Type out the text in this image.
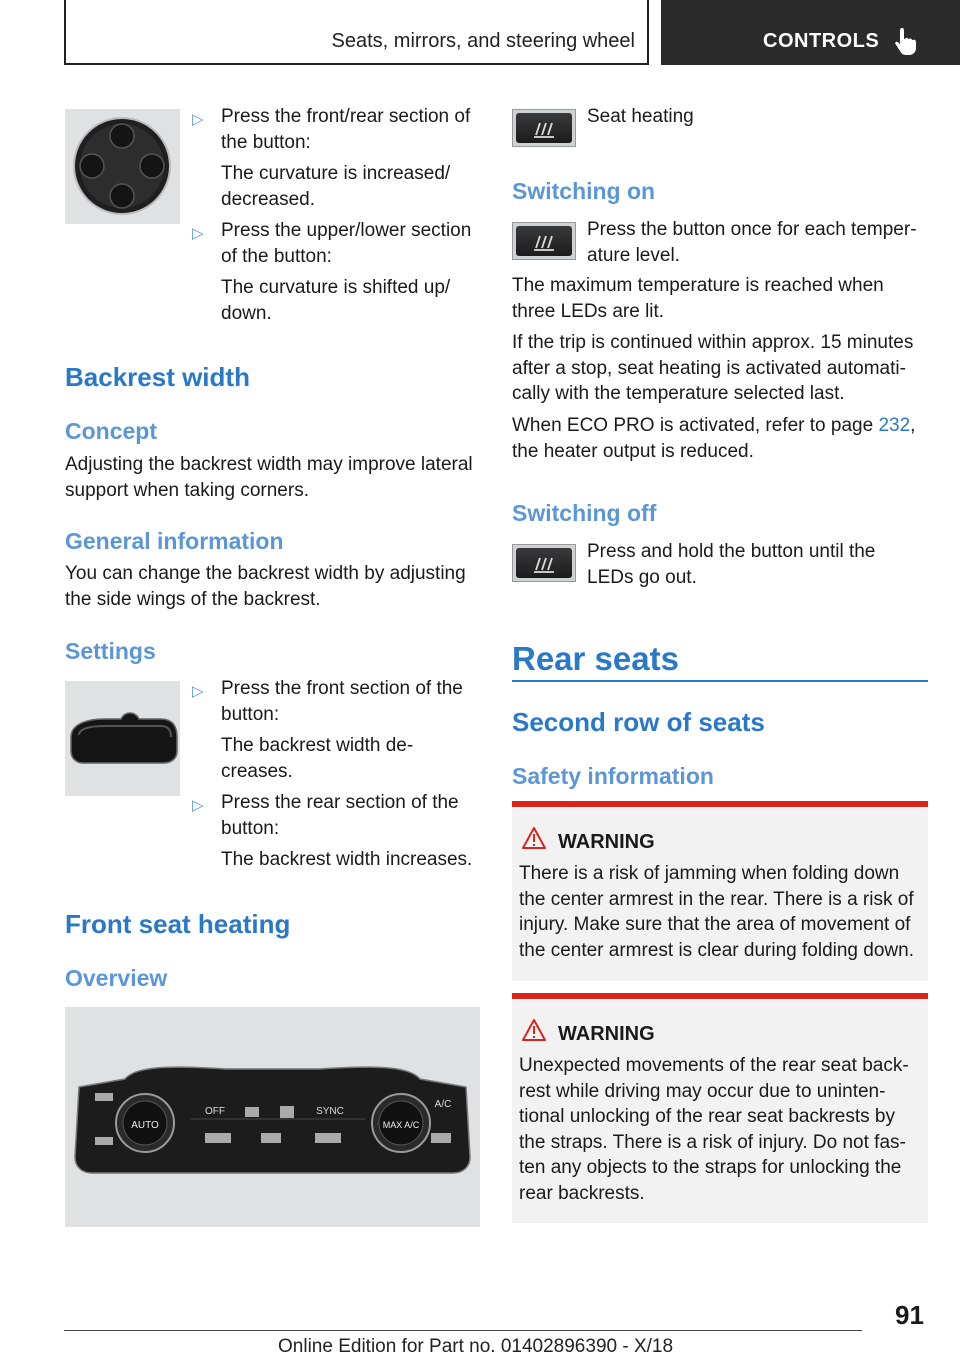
Seats, mirrors, and steering wheel	CONTROLS
▷ Press the front/rear section of the button:
The curvature is increased/ decreased.
▷ Press the upper/lower section of the button:
The curvature is shifted up/ down.
Backrest width
Concept
Adjusting the backrest width may improve lateral support when taking corners.
General information
You can change the backrest width by adjusting the side wings of the backrest.
Settings
▷ Press the front section of the button:
The backrest width decreases.
▷ Press the rear section of the button:
The backrest width increases.
Front seat heating
Overview
AUTO	MAX A/C
OFF	SYNC
A/C
Seat heating
Switching on
Press the button once for each temperature level.
The maximum temperature is reached when three LEDs are lit.
If the trip is continued within approx. 15 minutes after a stop, seat heating is activated automatically with the temperature selected last.
When ECO PRO is activated, refer to page 232, the heater output is reduced.
Switching off
Press and hold the button until the LEDs go out.
Rear seats
Second row of seats
Safety information
WARNING
There is a risk of jamming when folding down the center armrest in the rear. There is a risk of injury. Make sure that the area of movement of the center armrest is clear during folding down.
WARNING
Unexpected movements of the rear seat backrest while driving may occur due to unintentional unlocking of the rear seat backrests by the straps. There is a risk of injury. Do not fasten any objects to the straps for unlocking the rear backrests.
91
Online Edition for Part no. 01402896390 - X/18
